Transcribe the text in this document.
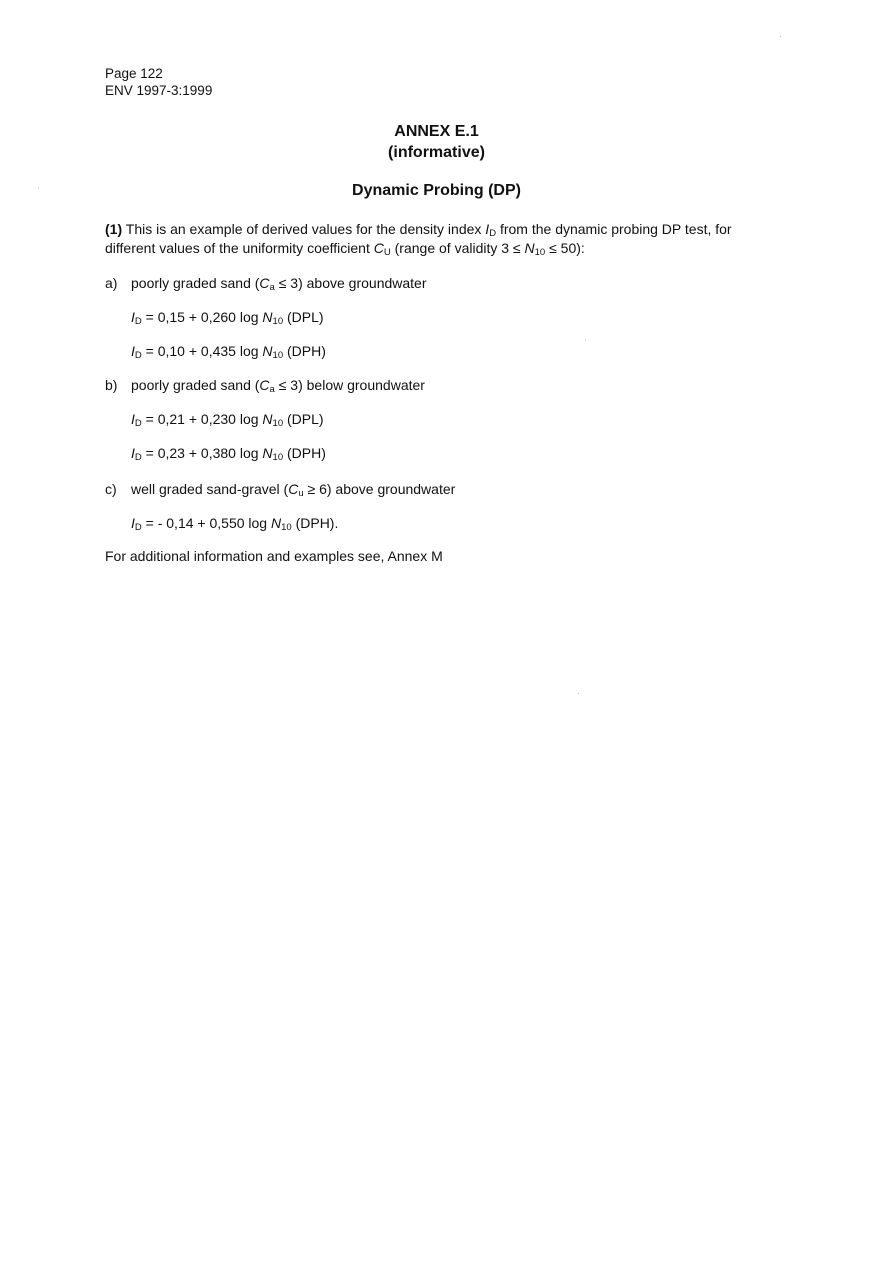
Page 122
ENV 1997-3:1999
ANNEX E.1
(informative)
Dynamic Probing (DP)
(1) This is an example of derived values for the density index $I_D$ from the dynamic probing DP test, for different values of the uniformity coefficient $C_U$ (range of validity $3 \le N_{10} \le 50$):
a) poorly graded sand $(C_a \le 3)$ above groundwater
$I_D = 0,15 + 0,260$ $\log N_{10}$ (DPL)
$I_D = 0,10 + 0,435$ $\log N_{10}$ (DPH)
b) poorly graded sand $(C_a \le 3)$ below groundwater
$I_D = 0,21 + 0,230$ $\log N_{10}$ (DPL)
$I_D = 0,23 + 0,380$ $\log N_{10}$ (DPH)
c) well graded sand-gravel $(C_u \ge 6)$ above groundwater
$I_D$ = - 0,14 + 0,550 $\log N_{10}$ (DPH).
For additional information and examples see, Annex M
